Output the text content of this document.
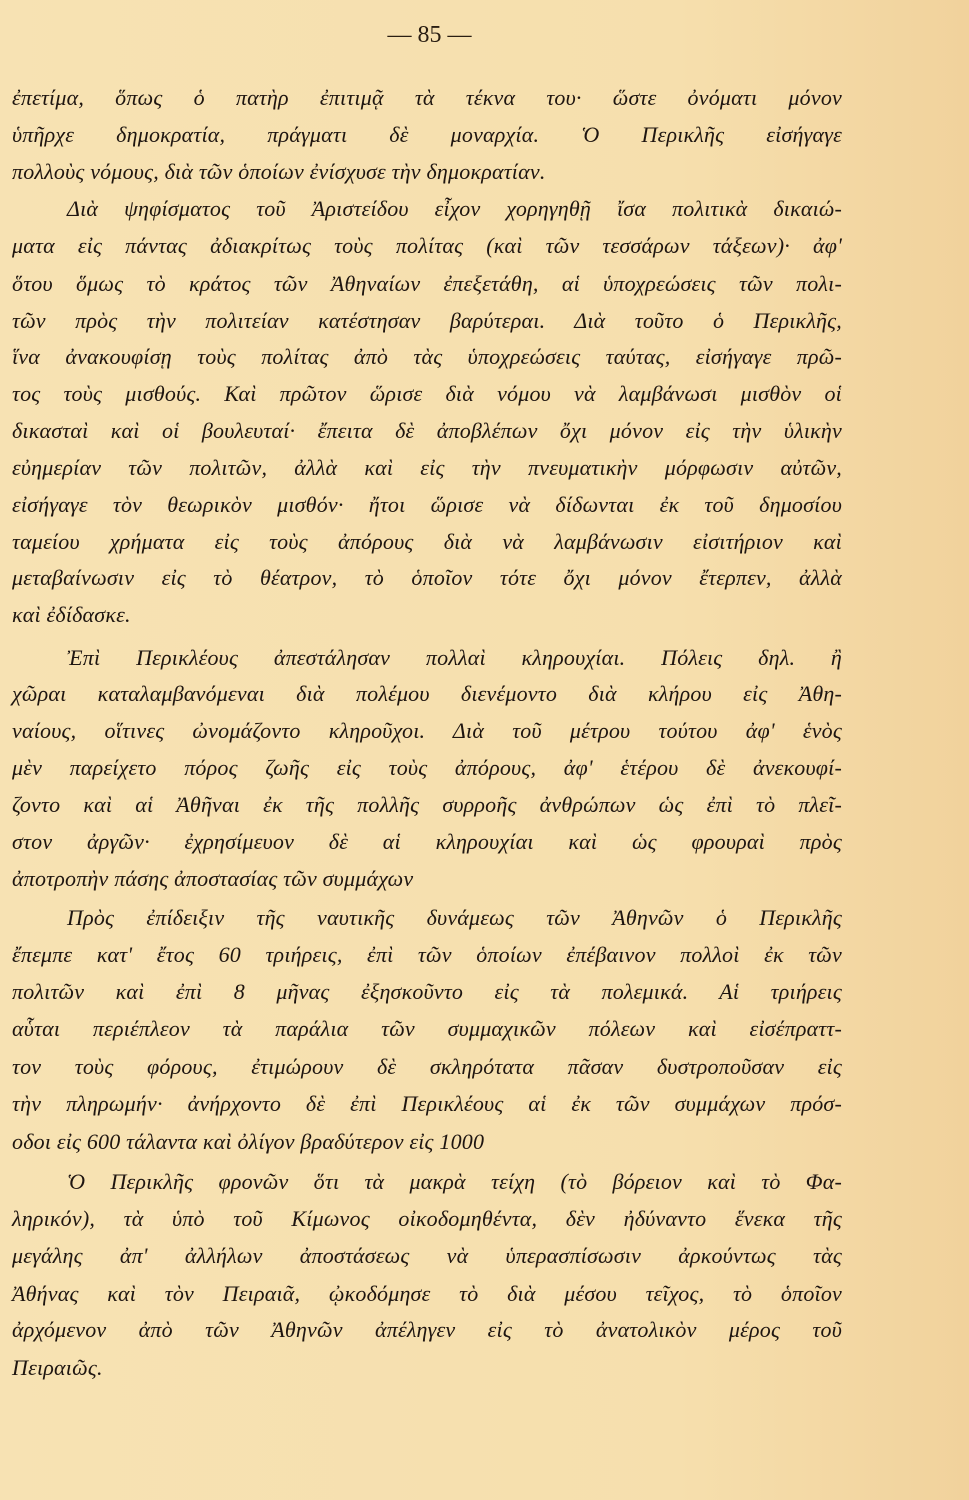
— 85 —
ἐπετίμα, ὅπως ὁ πατὴρ ἐπιτιμᾷ τὰ τέκνα του· ὥστε ὀνόματι μόνον
ὑπῆρχε δημοκρατία, πράγματι δὲ μοναρχία. Ὁ Περικλῆς εἰσήγαγε
πολλοὺς νόμους, διὰ τῶν ὁποίων ἐνίσχυσε τὴν δημοκρατίαν.
Διὰ ψηφίσματος τοῦ Ἀριστείδου εἶχον χορηγηθῇ ἴσα πολιτικὰ δικαιώ-
ματα εἰς πάντας ἀδιακρίτως τοὺς πολίτας (καὶ τῶν τεσσάρων τάξεων)· ἀφ'
ὅτου ὅμως τὸ κράτος τῶν Ἀθηναίων ἐπεξετάθη, αἱ ὑποχρεώσεις τῶν πολι-
τῶν πρὸς τὴν πολιτείαν κατέστησαν βαρύτεραι. Διὰ τοῦτο ὁ Περικλῆς,
ἵνα ἀνακουφίσῃ τοὺς πολίτας ἀπὸ τὰς ὑποχρεώσεις ταύτας, εἰσήγαγε πρῶ-
τος τοὺς μισθούς. Καὶ πρῶτον ὥρισε διὰ νόμου νὰ λαμβάνωσι μισθὸν οἱ
δικασταὶ καὶ οἱ βουλευταί· ἔπειτα δὲ ἀποβλέπων ὄχι μόνον εἰς τὴν ὑλικὴν
εὐημερίαν τῶν πολιτῶν, ἀλλὰ καὶ εἰς τὴν πνευματικὴν μόρφωσιν αὐτῶν,
εἰσήγαγε τὸν θεωρικὸν μισθόν· ἤτοι ὥρισε νὰ δίδωνται ἐκ τοῦ δημοσίου
ταμείου χρήματα εἰς τοὺς ἀπόρους διὰ νὰ λαμβάνωσιν εἰσιτήριον καὶ
μεταβαίνωσιν εἰς τὸ θέατρον, τὸ ὁποῖον τότε ὄχι μόνον ἔτερπεν, ἀλλὰ
καὶ ἐδίδασκε.
Ἐπὶ Περικλέους ἀπεστάλησαν πολλαὶ κληρουχίαι. Πόλεις δηλ. ἢ
χῶραι καταλαμβανόμεναι διὰ πολέμου διενέμοντο διὰ κλήρου εἰς Ἀθη-
ναίους, οἵτινες ὠνομάζοντο κληροῦχοι. Διὰ τοῦ μέτρου τούτου ἀφ' ἑνὸς
μὲν παρείχετο πόρος ζωῆς εἰς τοὺς ἀπόρους, ἀφ' ἑτέρου δὲ ἀνεκουφί-
ζοντο καὶ αἱ Ἀθῆναι ἐκ τῆς πολλῆς συρροῆς ἀνθρώπων ὡς ἐπὶ τὸ πλεῖ-
στον ἀργῶν· ἐχρησίμευον δὲ αἱ κληρουχίαι καὶ ὡς φρουραὶ πρὸς
ἀποτροπὴν πάσης ἀποστασίας τῶν συμμάχων
Πρὸς ἐπίδειξιν τῆς ναυτικῆς δυνάμεως τῶν Ἀθηνῶν ὁ Περικλῆς
ἔπεμπε κατ' ἔτος 60 τριήρεις, ἐπὶ τῶν ὁποίων ἐπέβαινον πολλοὶ ἐκ τῶν
πολιτῶν καὶ ἐπὶ 8 μῆνας ἐξησκοῦντο εἰς τὰ πολεμικά. Αἱ τριήρεις
αὗται περιέπλεον τὰ παράλια τῶν συμμαχικῶν πόλεων καὶ εἰσέπραττ-
τον τοὺς φόρους, ἐτιμώρουν δὲ σκληρότατα πᾶσαν δυστροποῦσαν εἰς
τὴν πληρωμήν· ἀνήρχοντο δὲ ἐπὶ Περικλέους αἱ ἐκ τῶν συμμάχων πρόσ-
οδοι εἰς 600 τάλαντα καὶ ὀλίγον βραδύτερον εἰς 1000
Ὁ Περικλῆς φρονῶν ὅτι τὰ μακρὰ τείχη (τὸ βόρειον καὶ τὸ Φα-
ληρικόν), τὰ ὑπὸ τοῦ Κίμωνος οἰκοδομηθέντα, δὲν ἠδύναντο ἕνεκα τῆς
μεγάλης ἀπ' ἀλλήλων ἀποστάσεως νὰ ὑπερασπίσωσιν ἀρκούντως τὰς
Ἀθήνας καὶ τὸν Πειραιᾶ, ᾠκοδόμησε τὸ διὰ μέσου τεῖχος, τὸ ὁποῖον
ἀρχόμενον ἀπὸ τῶν Ἀθηνῶν ἀπέληγεν εἰς τὸ ἀνατολικὸν μέρος τοῦ
Πειραιῶς.
